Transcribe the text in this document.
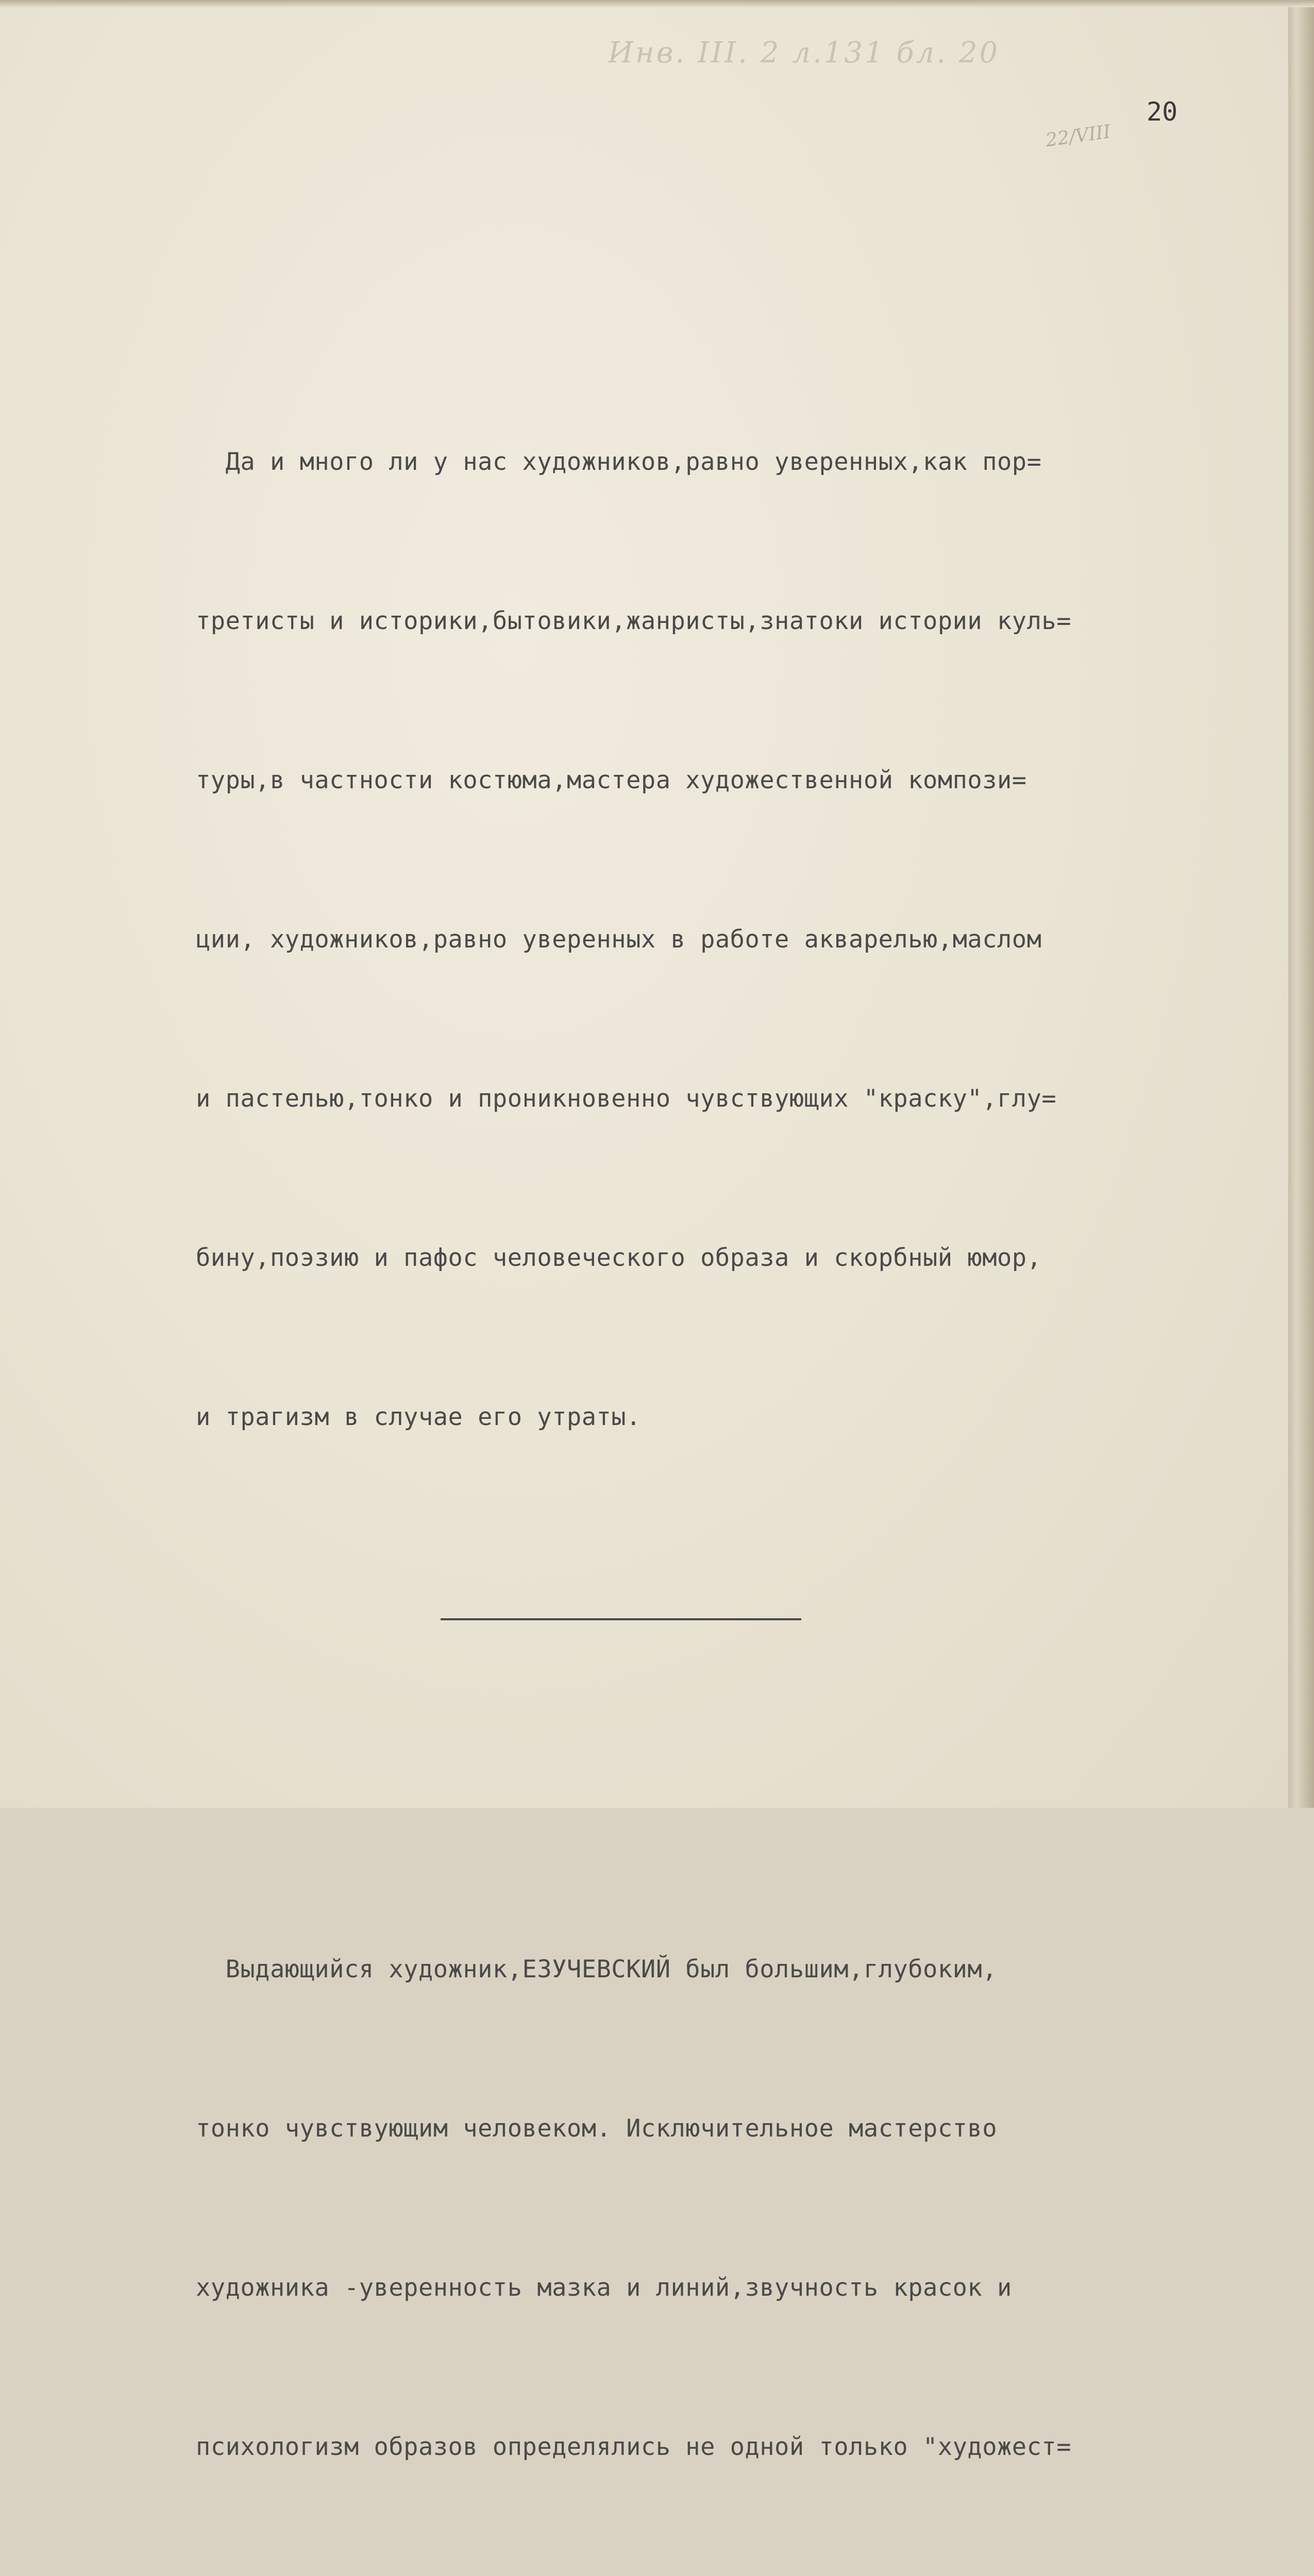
Инв. ІІІ. 2 л.131 бл. 20
20
22/VIII

Да и много ли у нас художников,равно уверенных,как пор=

третисты и историки,бытовики,жанристы,знатоки истории куль=

туры,в частности костюма,мастера художественной компози=

ции, художников,равно уверенных в работе акварелью,маслом

и пастелью,тонко и проникновенно чувствующих "краску",глу=

бину,поэзию и пафос человеческого образа и скорбный юмор,

и трагизм в случае его утраты.

Выдающийся художник,ЕЗУЧЕВСКИЙ был большим,глубоким,

тонко чувствующим человеком. Исключительное мастерство

художника -уверенность мазка и линий,звучность красок и

психологизм образов определялись не одной только "художест=
